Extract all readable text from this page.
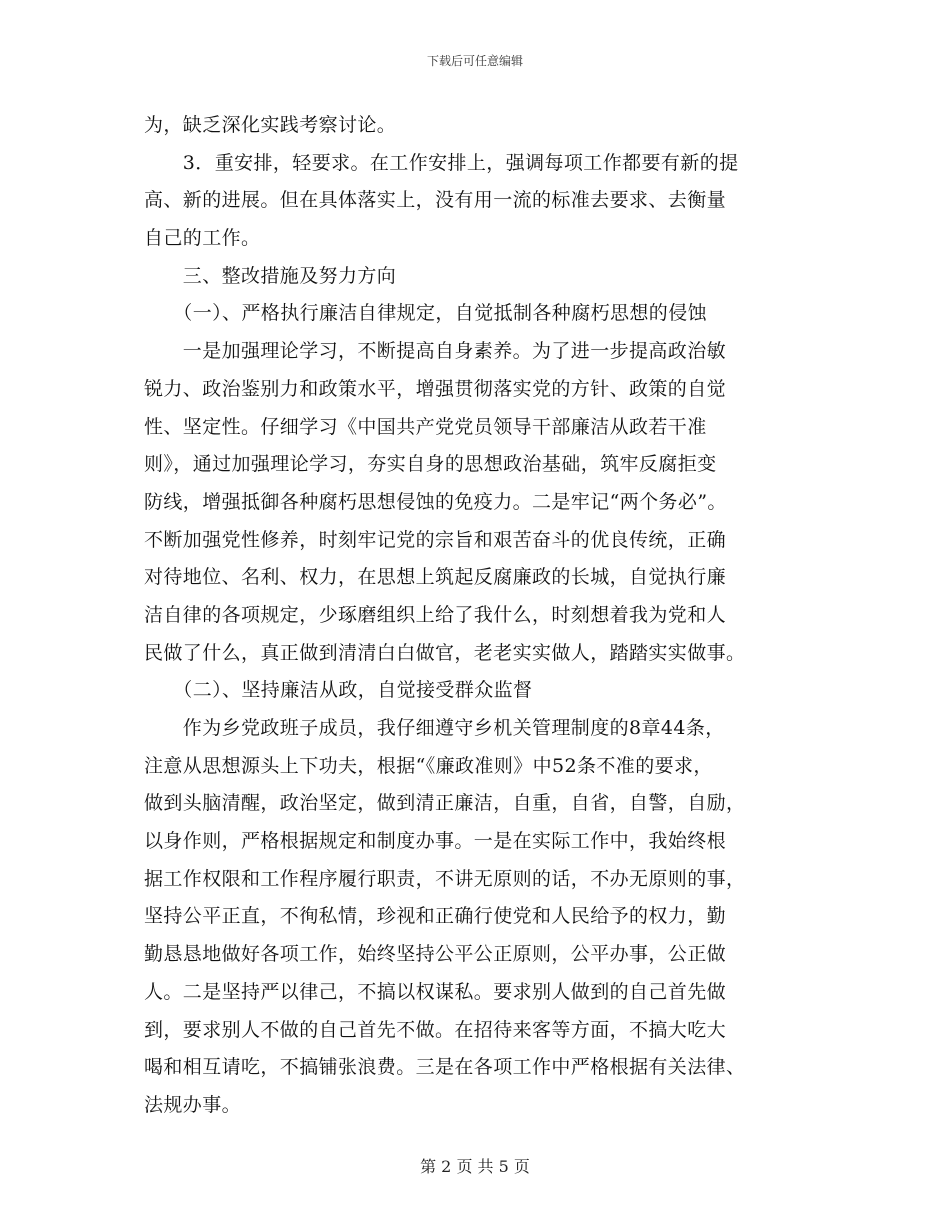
下载后可任意编辑
为，缺乏深化实践考察讨论。
　　3．重安排，轻要求。在工作安排上，强调每项工作都要有新的提
高、新的进展。但在具体落实上，没有用一流的标准去要求、去衡量
自己的工作。
　　三、整改措施及努力方向
　　（一）、严格执行廉洁自律规定，自觉抵制各种腐朽思想的侵蚀
　　一是加强理论学习，不断提高自身素养。为了进一步提高政治敏
锐力、政治鉴别力和政策水平，增强贯彻落实党的方针、政策的自觉
性、坚定性。仔细学习《中国共产党党员领导干部廉洁从政若干准
则》，通过加强理论学习，夯实自身的思想政治基础，筑牢反腐拒变
防线，增强抵御各种腐朽思想侵蚀的免疫力。二是牢记“两个务必”。
不断加强党性修养，时刻牢记党的宗旨和艰苦奋斗的优良传统，正确
对待地位、名利、权力，在思想上筑起反腐廉政的长城，自觉执行廉
洁自律的各项规定，少琢磨组织上给了我什么，时刻想着我为党和人
民做了什么，真正做到清清白白做官，老老实实做人，踏踏实实做事。
　　（二）、坚持廉洁从政，自觉接受群众监督
　　作为乡党政班子成员，我仔细遵守乡机关管理制度的8章44条，
注意从思想源头上下功夫，根据“《廉政准则》中52条不准的要求，
做到头脑清醒，政治坚定，做到清正廉洁，自重，自省，自警，自励，
以身作则，严格根据规定和制度办事。一是在实际工作中，我始终根
据工作权限和工作程序履行职责，不讲无原则的话，不办无原则的事，
坚持公平正直，不徇私情，珍视和正确行使党和人民给予的权力，勤
勤恳恳地做好各项工作，始终坚持公平公正原则，公平办事，公正做
人。二是坚持严以律己，不搞以权谋私。要求别人做到的自己首先做
到，要求别人不做的自己首先不做。在招待来客等方面，不搞大吃大
喝和相互请吃，不搞铺张浪费。三是在各项工作中严格根据有关法律、
法规办事。
第 2 页 共 5 页
